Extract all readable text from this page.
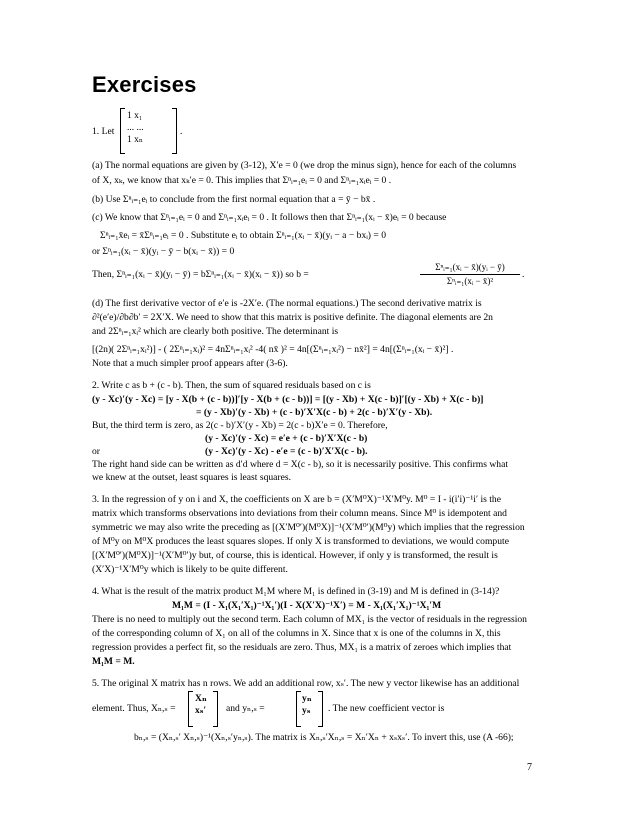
Exercises
1. Let
1 x₁
... ...
1 xₙ
.
(a) The normal equations are given by (3-12), X′e = 0 (we drop the minus sign), hence for each of the columns
of X, xₖ, we know that xₖ′e = 0. This implies that Σⁿᵢ₌₁eᵢ = 0 and Σⁿᵢ₌₁xᵢeᵢ = 0 .
(b) Use Σⁿᵢ₌₁eᵢ to conclude from the first normal equation that a = ȳ − bx̄ .
(c) We know that Σⁿᵢ₌₁eᵢ = 0 and Σⁿᵢ₌₁xᵢeᵢ = 0 . It follows then that Σⁿᵢ₌₁(xᵢ − x̄)eᵢ = 0 because
Σⁿᵢ₌₁x̄eᵢ = x̄Σⁿᵢ₌₁eᵢ = 0 . Substitute eᵢ to obtain Σⁿᵢ₌₁(xᵢ − x̄)(yᵢ − a − bxᵢ) = 0
or Σⁿᵢ₌₁(xᵢ − x̄)(yᵢ − ȳ − b(xᵢ − x̄)) = 0
Then, Σⁿᵢ₌₁(xᵢ − x̄)(yᵢ − ȳ) = bΣⁿᵢ₌₁(xᵢ − x̄)(xᵢ − x̄)) so b =
Σⁿᵢ₌₁(xᵢ − x̄)(yᵢ − ȳ)
Σⁿᵢ₌₁(xᵢ − x̄)²
.
(d) The first derivative vector of e′e is -2X′e. (The normal equations.) The second derivative matrix is
∂²(e′e)/∂b∂b′ = 2X′X. We need to show that this matrix is positive definite. The diagonal elements are 2n
and 2Σⁿᵢ₌₁xᵢ² which are clearly both positive. The determinant is
[(2n)( 2Σⁿᵢ₌₁xᵢ²)] - ( 2Σⁿᵢ₌₁xᵢ)² = 4nΣⁿᵢ₌₁xᵢ² -4( nx̄ )² = 4n[(Σⁿᵢ₌₁xᵢ²) − nx̄²] = 4n[(Σⁿᵢ₌₁(xᵢ − x̄)²] .
Note that a much simpler proof appears after (3-6).
2. Write c as b + (c - b). Then, the sum of squared residuals based on c is
(y - Xc)′(y - Xc) = [y - X(b + (c - b))]′[y - X(b + (c - b))] = [(y - Xb) + X(c - b)]′[(y - Xb) + X(c - b)]
= (y - Xb)′(y - Xb) + (c - b)′X′X(c - b) + 2(c - b)′X′(y - Xb).
But, the third term is zero, as 2(c - b)′X′(y - Xb) = 2(c - b)X′e = 0. Therefore,
(y - Xc)′(y - Xc) = e′e + (c - b)′X′X(c - b)
or	(y - Xc)′(y - Xc) - e′e = (c - b)′X′X(c - b).
The right hand side can be written as d′d where d = X(c - b), so it is necessarily positive. This confirms what
we knew at the outset, least squares is least squares.
3. In the regression of y on i and X, the coefficients on X are b = (X′M⁰X)⁻¹X′M⁰y. M⁰ = I - i(i′i)⁻¹i′ is the
matrix which transforms observations into deviations from their column means. Since M⁰ is idempotent and
symmetric we may also write the preceding as [(X′M⁰′)(M⁰X)]⁻¹(X′M⁰′)(M⁰y) which implies that the regression
of M⁰y on M⁰X produces the least squares slopes. If only X is transformed to deviations, we would compute
[(X′M⁰′)(M⁰X)]⁻¹(X′M⁰′)y but, of course, this is identical. However, if only y is transformed, the result is
(X′X)⁻¹X′M⁰y which is likely to be quite different.
4. What is the result of the matrix product M₁M where M₁ is defined in (3-19) and M is defined in (3-14)?
M₁M = (I - X₁(X₁′X₁)⁻¹X₁′)(I - X(X′X)⁻¹X′) = M - X₁(X₁′X₁)⁻¹X₁′M
There is no need to multiply out the second term. Each column of MX₁ is the vector of residuals in the regression
of the corresponding column of X₁ on all of the columns in X. Since that x is one of the columns in X, this
regression provides a perfect fit, so the residuals are zero. Thus, MX₁ is a matrix of zeroes which implies that
M₁M = M.
5. The original X matrix has n rows. We add an additional row, xₛ′. The new y vector likewise has an additional
element. Thus, Xₙ,ₛ =
Xₙ
xₛ′ and yₙ,ₛ =
yₙ
yₛ . The new coefficient vector is
bₙ,ₛ = (Xₙ,ₛ′ Xₙ,ₛ)⁻¹(Xₙ,ₛ′yₙ,ₛ). The matrix is Xₙ,ₛ′Xₙ,ₛ = Xₙ′Xₙ + xₛxₛ′. To invert this, use (A -66);
7
